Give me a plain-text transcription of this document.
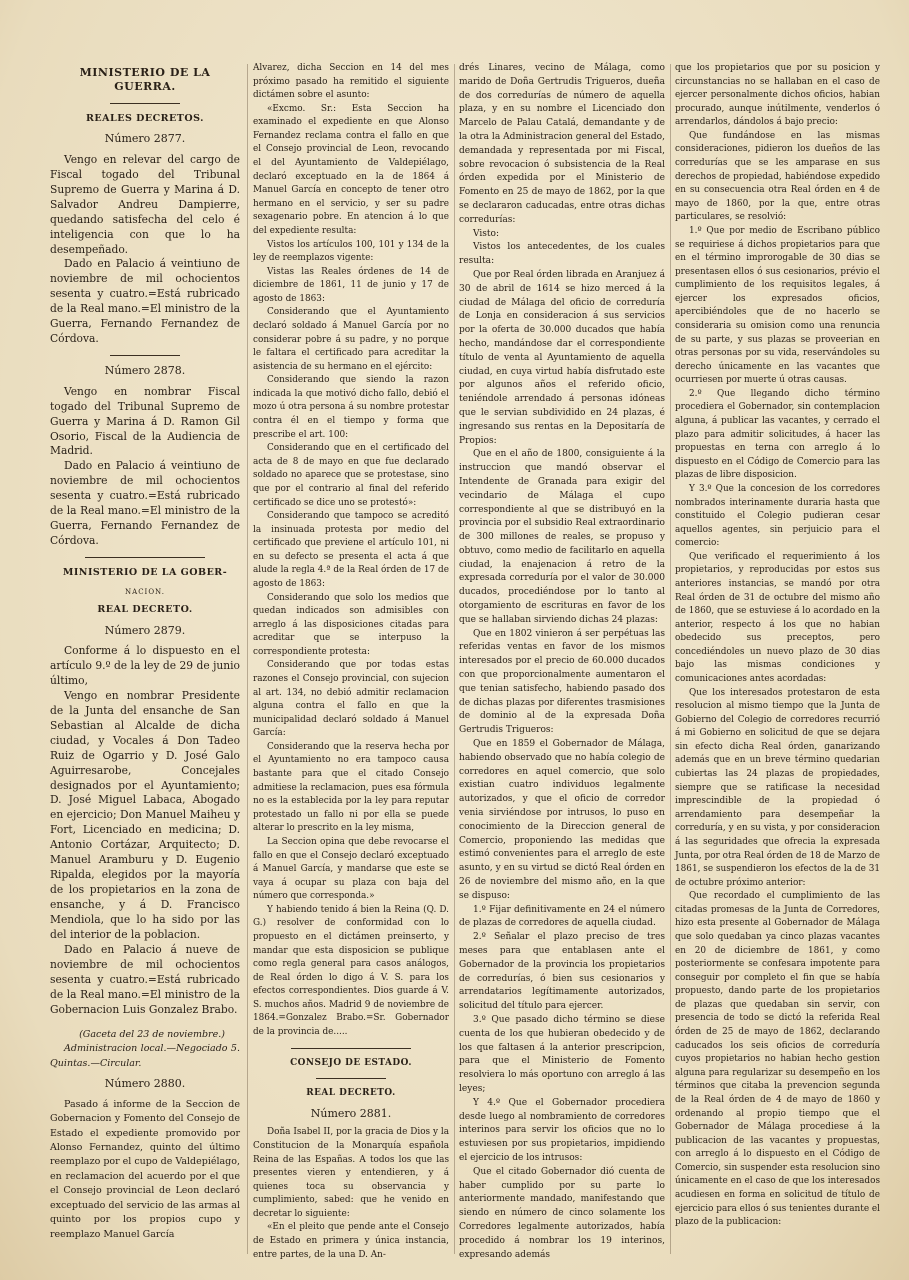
MINISTERIO DE LA GUERRA.
REALES DECRETOS.
Número 2877.

Vengo en relevar del cargo de Fiscal togado del Tribunal Supremo de Guerra y Marina á D. Salvador Andreu Dampierre, quedando satisfecha del celo é inteligencia con que lo ha desempeñado.

Dado en Palacio á veintiuno de noviembre de mil ochocientos sesenta y cuatro.=Está rubricado de la Real mano.=El ministro de la Guerra, Fernando Fernandez de Córdova.

Número 2878.

Vengo en nombrar Fiscal togado del Tribunal Supremo de Guerra y Marina á D. Ramon Gil Osorio, Fiscal de la Audiencia de Madrid.

Dado en Palacio á veintiuno de noviembre de mil ochocientos sesenta y cuatro.=Está rubricado de la Real mano.=El ministro de la Guerra, Fernando Fernandez de Córdova.

MINISTERIO DE LA GOBER-
NACION.
REAL DECRETO.
Número 2879.

Conforme á lo dispuesto en el artículo 9.º de la ley de 29 de junio último,

Vengo en nombrar Presidente de la Junta del ensanche de San Sebastian al Alcalde de dicha ciudad, y Vocales á Don Tadeo Ruiz de Ogarrio y D. José Galo Aguirresarobe, Concejales designados por el Ayuntamiento; D. José Miguel Labaca, Abogado en ejercicio; Don Manuel Maiheu y Fort, Licenciado en medicina; D. Antonio Cortázar, Arquitecto; D. Manuel Aramburu y D. Eugenio Ripalda, elegidos por la mayoría de los propietarios en la zona de ensanche, y á D. Francisco Mendiola, que lo ha sido por las del interior de la poblacion.

Dado en Palacio á nueve de noviembre de mil ochocientos sesenta y cuatro.=Está rubricado de la Real mano.=El ministro de la Gobernacion Luis Gonzalez Brabo.

(Gaceta del 23 de noviembre.)

Administracion local.—Negociado 5. Quintas.—Circular.

Número 2880.

Pasado á informe de la Seccion de Gobernacion y Fomento del Consejo de Estado el expediente promovido por Alonso Fernandez, quinto del último reemplazo por el cupo de Valdepiélago, en reclamacion del acuerdo por el que el Consejo provincial de Leon declaró exceptuado del servicio de las armas al quinto por los propios cupo y reemplazo Manuel García

Alvarez, dicha Seccion en 14 del mes próximo pasado ha remitido el siguiente dictámen sobre el asunto:

«Excmo. Sr.: Esta Seccion ha examinado el expediente en que Alonso Fernandez reclama contra el fallo en que el Consejo provincial de Leon, revocando el del Ayuntamiento de Valdepiélago, declaró exceptuado en la de 1864 á Manuel García en concepto de tener otro hermano en el servicio, y ser su padre sexagenario pobre. En atencion á lo que del expediente resulta:

Vistos los artículos 100, 101 y 134 de la ley de reemplazos vigente:

Vistas las Reales órdenes de 14 de diciembre de 1861, 11 de junio y 17 de agosto de 1863:

Considerando que el Ayuntamiento declaró soldado á Manuel García por no considerar pobre á su padre, y no porque le faltara el certificado para acreditar la asistencia de su hermano en el ejército:

Considerando que siendo la razon indicada la que motivó dicho fallo, debió el mozo ú otra persona á su nombre protestar contra él en el tiempo y forma que prescribe el art. 100:

Considerando que en el certificado del acta de 8 de mayo en que fue declarado soldado no aparece que se protestase, sino que por el contrario al final del referido certificado se dice uno se protestó»:

Considerando que tampoco se acreditó la insinuada protesta por medio del certificado que previene el artículo 101, ni en su defecto se presenta el acta á que alude la regla 4.ª de la Real órden de 17 de agosto de 1863:

Considerando que solo los medios que quedan indicados son admisibles con arreglo á las disposiciones citadas para acreditar que se interpuso la correspondiente protesta:

Considerando que por todas estas razones el Consejo provincial, con sujecion al art. 134, no debió admitir reclamacion alguna contra el fallo en que la municipalidad declaró soldado á Manuel García:

Considerando que la reserva hecha por el Ayuntamiento no era tampoco causa bastante para que el citado Consejo admitiese la reclamacion, pues esa fórmula no es la establecida por la ley para reputar protestado un fallo ni por ella se puede alterar lo prescrito en la ley misma,

La Seccion opina que debe revocarse el fallo en que el Consejo declaró exceptuado á Manuel García, y mandarse que este se vaya á ocupar su plaza con baja del número que corresponda.»

Y habiendo tenido á bien la Reina (Q. D. G.) resolver de conformidad con lo propuesto en el dictámen preinserto, y mandar que esta disposicion se publique como regla general para casos análogos, de Real órden lo digo á V. S. para los efectos correspondientes. Dios guarde á V. S. muchos años. Madrid 9 de noviembre de 1864.=Gonzalez Brabo.=Sr. Gobernador de la provincia de.....

CONSEJO DE ESTADO.
REAL DECRETO.
Número 2881.

Doña Isabel II, por la gracia de Dios y la Constitucion de la Monarquía española Reina de las Españas. A todos los que las presentes vieren y entendieren, y á quienes toca su observancia y cumplimiento, sabed: que he venido en decretar lo siguiente:

«En el pleito que pende ante el Consejo de Estado en primera y única instancia, entre partes, de la una D. An-

drés Linares, vecino de Málaga, como marido de Doña Gertrudis Trigueros, dueña de dos corredurías de número de aquella plaza, y en su nombre el Licenciado don Marcelo de Palau Catalá, demandante y de la otra la Administracion general del Estado, demandada y representada por mi Fiscal, sobre revocacion ó subsistencia de la Real órden expedida por el Ministerio de Fomento en 25 de mayo de 1862, por la que se declararon caducadas, entre otras dichas corredurías:

Visto:

Vistos los antecedentes, de los cuales resulta:

Que por Real órden librada en Aranjuez á 30 de abril de 1614 se hizo merced á la ciudad de Málaga del oficio de correduría de Lonja en consideracion á sus servicios por la oferta de 30.000 ducados que había hecho, mandándose dar el correspondiente título de venta al Ayuntamiento de aquella ciudad, en cuya virtud había disfrutado este por algunos años el referido oficio, teniéndole arrendado á personas idóneas que le servian subdividido en 24 plazas, é ingresando sus rentas en la Depositaría de Propios:

Que en el año de 1800, consiguiente á la instruccion que mandó observar el Intendente de Granada para exigir del vecindario de Málaga el cupo correspondiente al que se distribuyó en la provincia por el subsidio Real extraordinario de 300 millones de reales, se propuso y obtuvo, como medio de facilitarlo en aquella ciudad, la enajenacion á retro de la expresada correduría por el valor de 30.000 ducados, procediéndose por lo tanto al otorgamiento de escrituras en favor de los que se hallaban sirviendo dichas 24 plazas:

Que en 1802 vinieron á ser perpétuas las referidas ventas en favor de los mismos interesados por el precio de 60.000 ducados con que proporcionalmente aumentaron el que tenian satisfecho, habiendo pasado dos de dichas plazas por diferentes trasmisiones de dominio al de la expresada Doña Gertrudis Trigueros:

Que en 1859 el Gobernador de Málaga, habiendo observado que no había colegio de corredores en aquel comercio, que solo existian cuatro individuos legalmente autorizados, y que el oficio de corredor venia sirviéndose por intrusos, lo puso en conocimiento de la Direccion general de Comercio, proponiendo las medidas que estimó convenientes para el arreglo de este asunto, y en su virtud se dictó Real órden en 26 de noviembre del mismo año, en la que se dispuso:

1.º Fijar definitivamente en 24 el número de plazas de corredores de aquella ciudad.

2.º Señalar el plazo preciso de tres meses para que entablasen ante el Gobernador de la provincia los propietarios de corredurías, ó bien sus cesionarios y arrendatarios legítimamente autorizados, solicitud del título para ejercer.

3.º Que pasado dicho término se diese cuenta de los que hubieran obedecido y de los que faltasen á la anterior prescripcion, para que el Ministerio de Fomento resolviera lo más oportuno con arreglo á las leyes;

Y 4.º Que el Gobernador procediera desde luego al nombramiento de corredores interinos para servir los oficios que no lo estuviesen por sus propietarios, impidiendo el ejercicio de los intrusos:

Que el citado Gobernador dió cuenta de haber cumplido por su parte lo anteriormente mandado, manifestando que siendo en número de cinco solamente los Corredores legalmente autorizados, había procedido á nombrar los 19 interinos, expresando además

que los propietarios que por su posicion y circunstancias no se hallaban en el caso de ejercer personalmente dichos oficios, habian procurado, aunque inútilmente, venderlos ó arrendarlos, dándolos á bajo precio:

Que fundándose en las mismas consideraciones, pidieron los dueños de las corredurías que se les amparase en sus derechos de propiedad, habiéndose expedido en su consecuencia otra Real órden en 4 de mayo de 1860, por la que, entre otras particulares, se resolvió:

1.º Que por medio de Escribano público se requiriese á dichos propietarios para que en el término improrogable de 30 dias se presentasen ellos ó sus cesionarios, prévio el cumplimiento de los requisitos legales, á ejercer los expresados oficios, apercibiéndoles que de no hacerlo se consideraria su omision como una renuncia de su parte, y sus plazas se proveerian en otras personas por su vida, reservándoles su derecho únicamente en las vacantes que ocurriesen por muerte ú otras causas.

2.º Que llegando dicho término procediera el Gobernador, sin contemplacion alguna, á publicar las vacantes, y cerrado el plazo para admitir solicitudes, á hacer las propuestas en terna con arreglo á lo dispuesto en el Código de Comercio para las plazas de libre disposicion.

Y 3.º Que la concesion de los corredores nombrados interinamente duraria hasta que constituido el Colegio pudieran cesar aquellos agentes, sin perjuicio para el comercio:

Que verificado el requerimiento á los propietarios, y reproducidas por estos sus anteriores instancias, se mandó por otra Real órden de 31 de octubre del mismo año de 1860, que se estuviese á lo acordado en la anterior, respecto á los que no habian obedecido sus preceptos, pero concediéndoles un nuevo plazo de 30 dias bajo las mismas condiciones y comunicaciones antes acordadas:

Que los interesados protestaron de esta resolucion al mismo tiempo que la Junta de Gobierno del Colegio de corredores recurrió á mi Gobierno en solicitud de que se dejara sin efecto dicha Real órden, ganarizando además que en un breve término quedarian cubiertas las 24 plazas de propiedades, siempre que se ratificase la necesidad imprescindible de la propiedad ó arrendamiento para desempeñar la correduría, y en su vista, y por consideracion á las seguridades que ofrecia la expresada Junta, por otra Real órden de 18 de Marzo de 1861, se suspendieron los efectos de la de 31 de octubre próximo anterior:

Que recordado el cumplimiento de las citadas promesas de la Junta de Corredores, hizo esta presente al Gobernador de Málaga que solo quedaban ya cinco plazas vacantes en 20 de diciembre de 1861, y como posteriormente se confesara impotente para conseguir por completo el fin que se había propuesto, dando parte de los propietarios de plazas que quedaban sin servir, con presencia de todo se dictó la referida Real órden de 25 de mayo de 1862, declarando caducados los seis oficios de correduría cuyos propietarios no habian hecho gestion alguna para regularizar su desempeño en los términos que citaba la prevencion segunda de la Real órden de 4 de mayo de 1860 y ordenando al propio tiempo que el Gobernador de Málaga procediese á la publicacion de las vacantes y propuestas, con arreglo á lo dispuesto en el Código de Comercio, sin suspender esta resolucion sino únicamente en el caso de que los interesados acudiesen en forma en solicitud de título de ejercicio para ellos ó sus tenientes durante el plazo de la publicacion:
